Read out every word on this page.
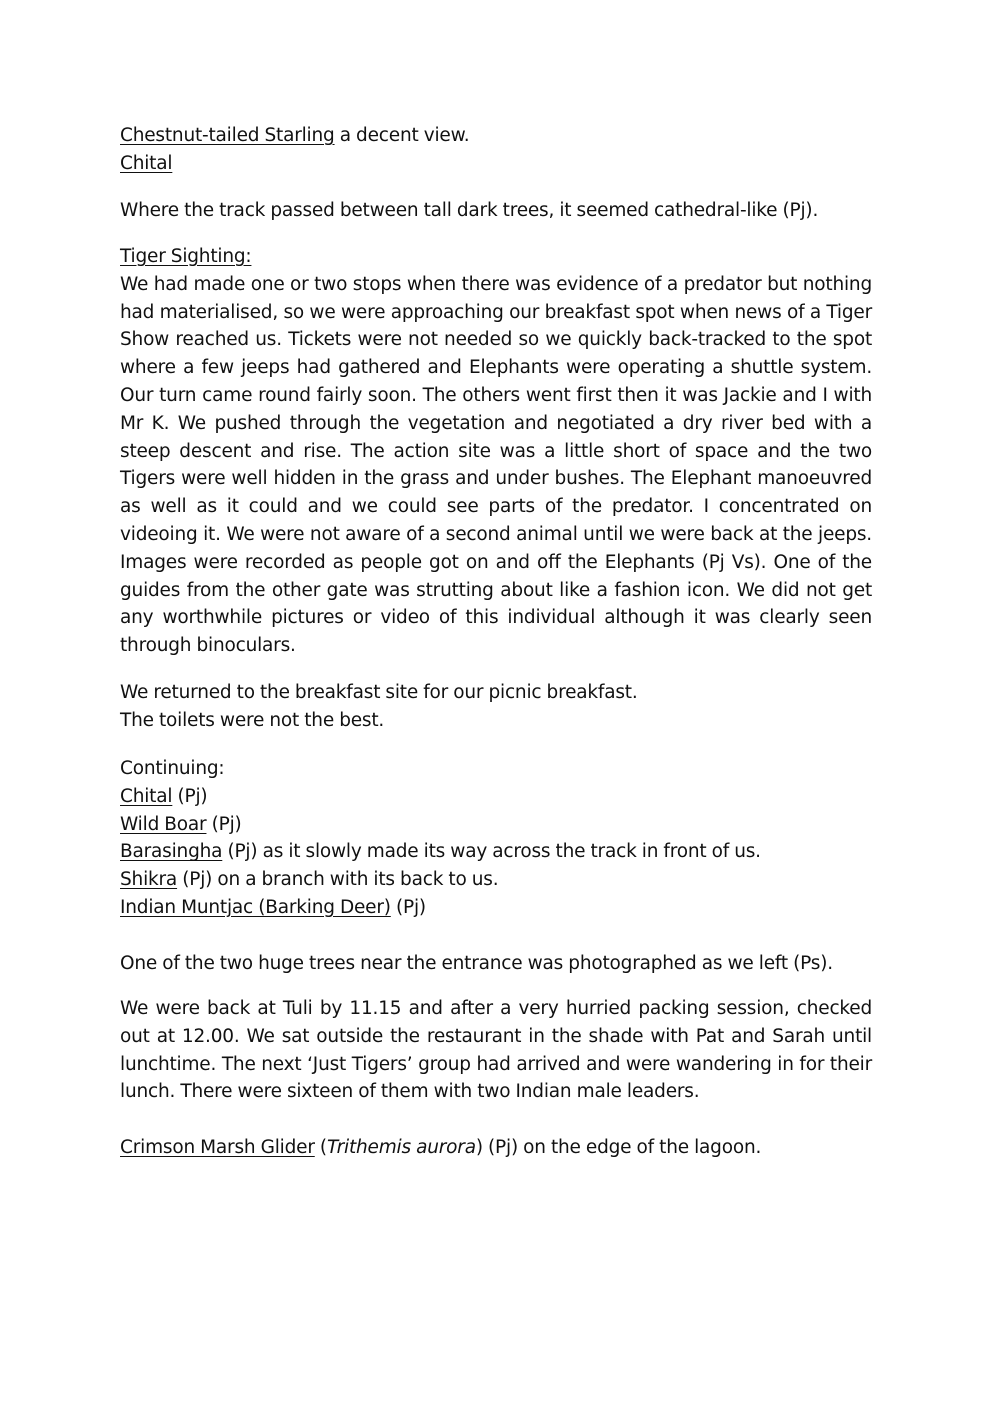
Chestnut-tailed Starling a decent view.
Chital
Where the track passed between tall dark trees, it seemed cathedral-like (Pj).
Tiger Sighting:
We had made one or two stops when there was evidence of a predator but nothing had materialised, so we were approaching our breakfast spot when news of a Tiger Show reached us. Tickets were not needed so we quickly back-tracked to the spot where a few jeeps had gathered and Elephants were operating a shuttle system. Our turn came round fairly soon. The others went first then it was Jackie and I with Mr K. We pushed through the vegetation and negotiated a dry river bed with a steep descent and rise. The action site was a little short of space and the two Tigers were well hidden in the grass and under bushes. The Elephant manoeuvred as well as it could and we could see parts of the predator. I concentrated on videoing it. We were not aware of a second animal until we were back at the jeeps. Images were recorded as people got on and off the Elephants (Pj Vs). One of the guides from the other gate was strutting about like a fashion icon. We did not get any worthwhile pictures or video of this individual although it was clearly seen through binoculars.
We returned to the breakfast site for our picnic breakfast.
The toilets were not the best.
Continuing:
Chital (Pj)
Wild Boar (Pj)
Barasingha (Pj) as it slowly made its way across the track in front of us.
Shikra (Pj) on a branch with its back to us.
Indian Muntjac (Barking Deer) (Pj)
One of the two huge trees near the entrance was photographed as we left (Ps).
We were back at Tuli by 11.15 and after a very hurried packing session, checked out at 12.00. We sat outside the restaurant in the shade with Pat and Sarah until lunchtime. The next ‘Just Tigers’ group had arrived and were wandering in for their lunch. There were sixteen of them with two Indian male leaders.
Crimson Marsh Glider (Trithemis aurora) (Pj) on the edge of the lagoon.
